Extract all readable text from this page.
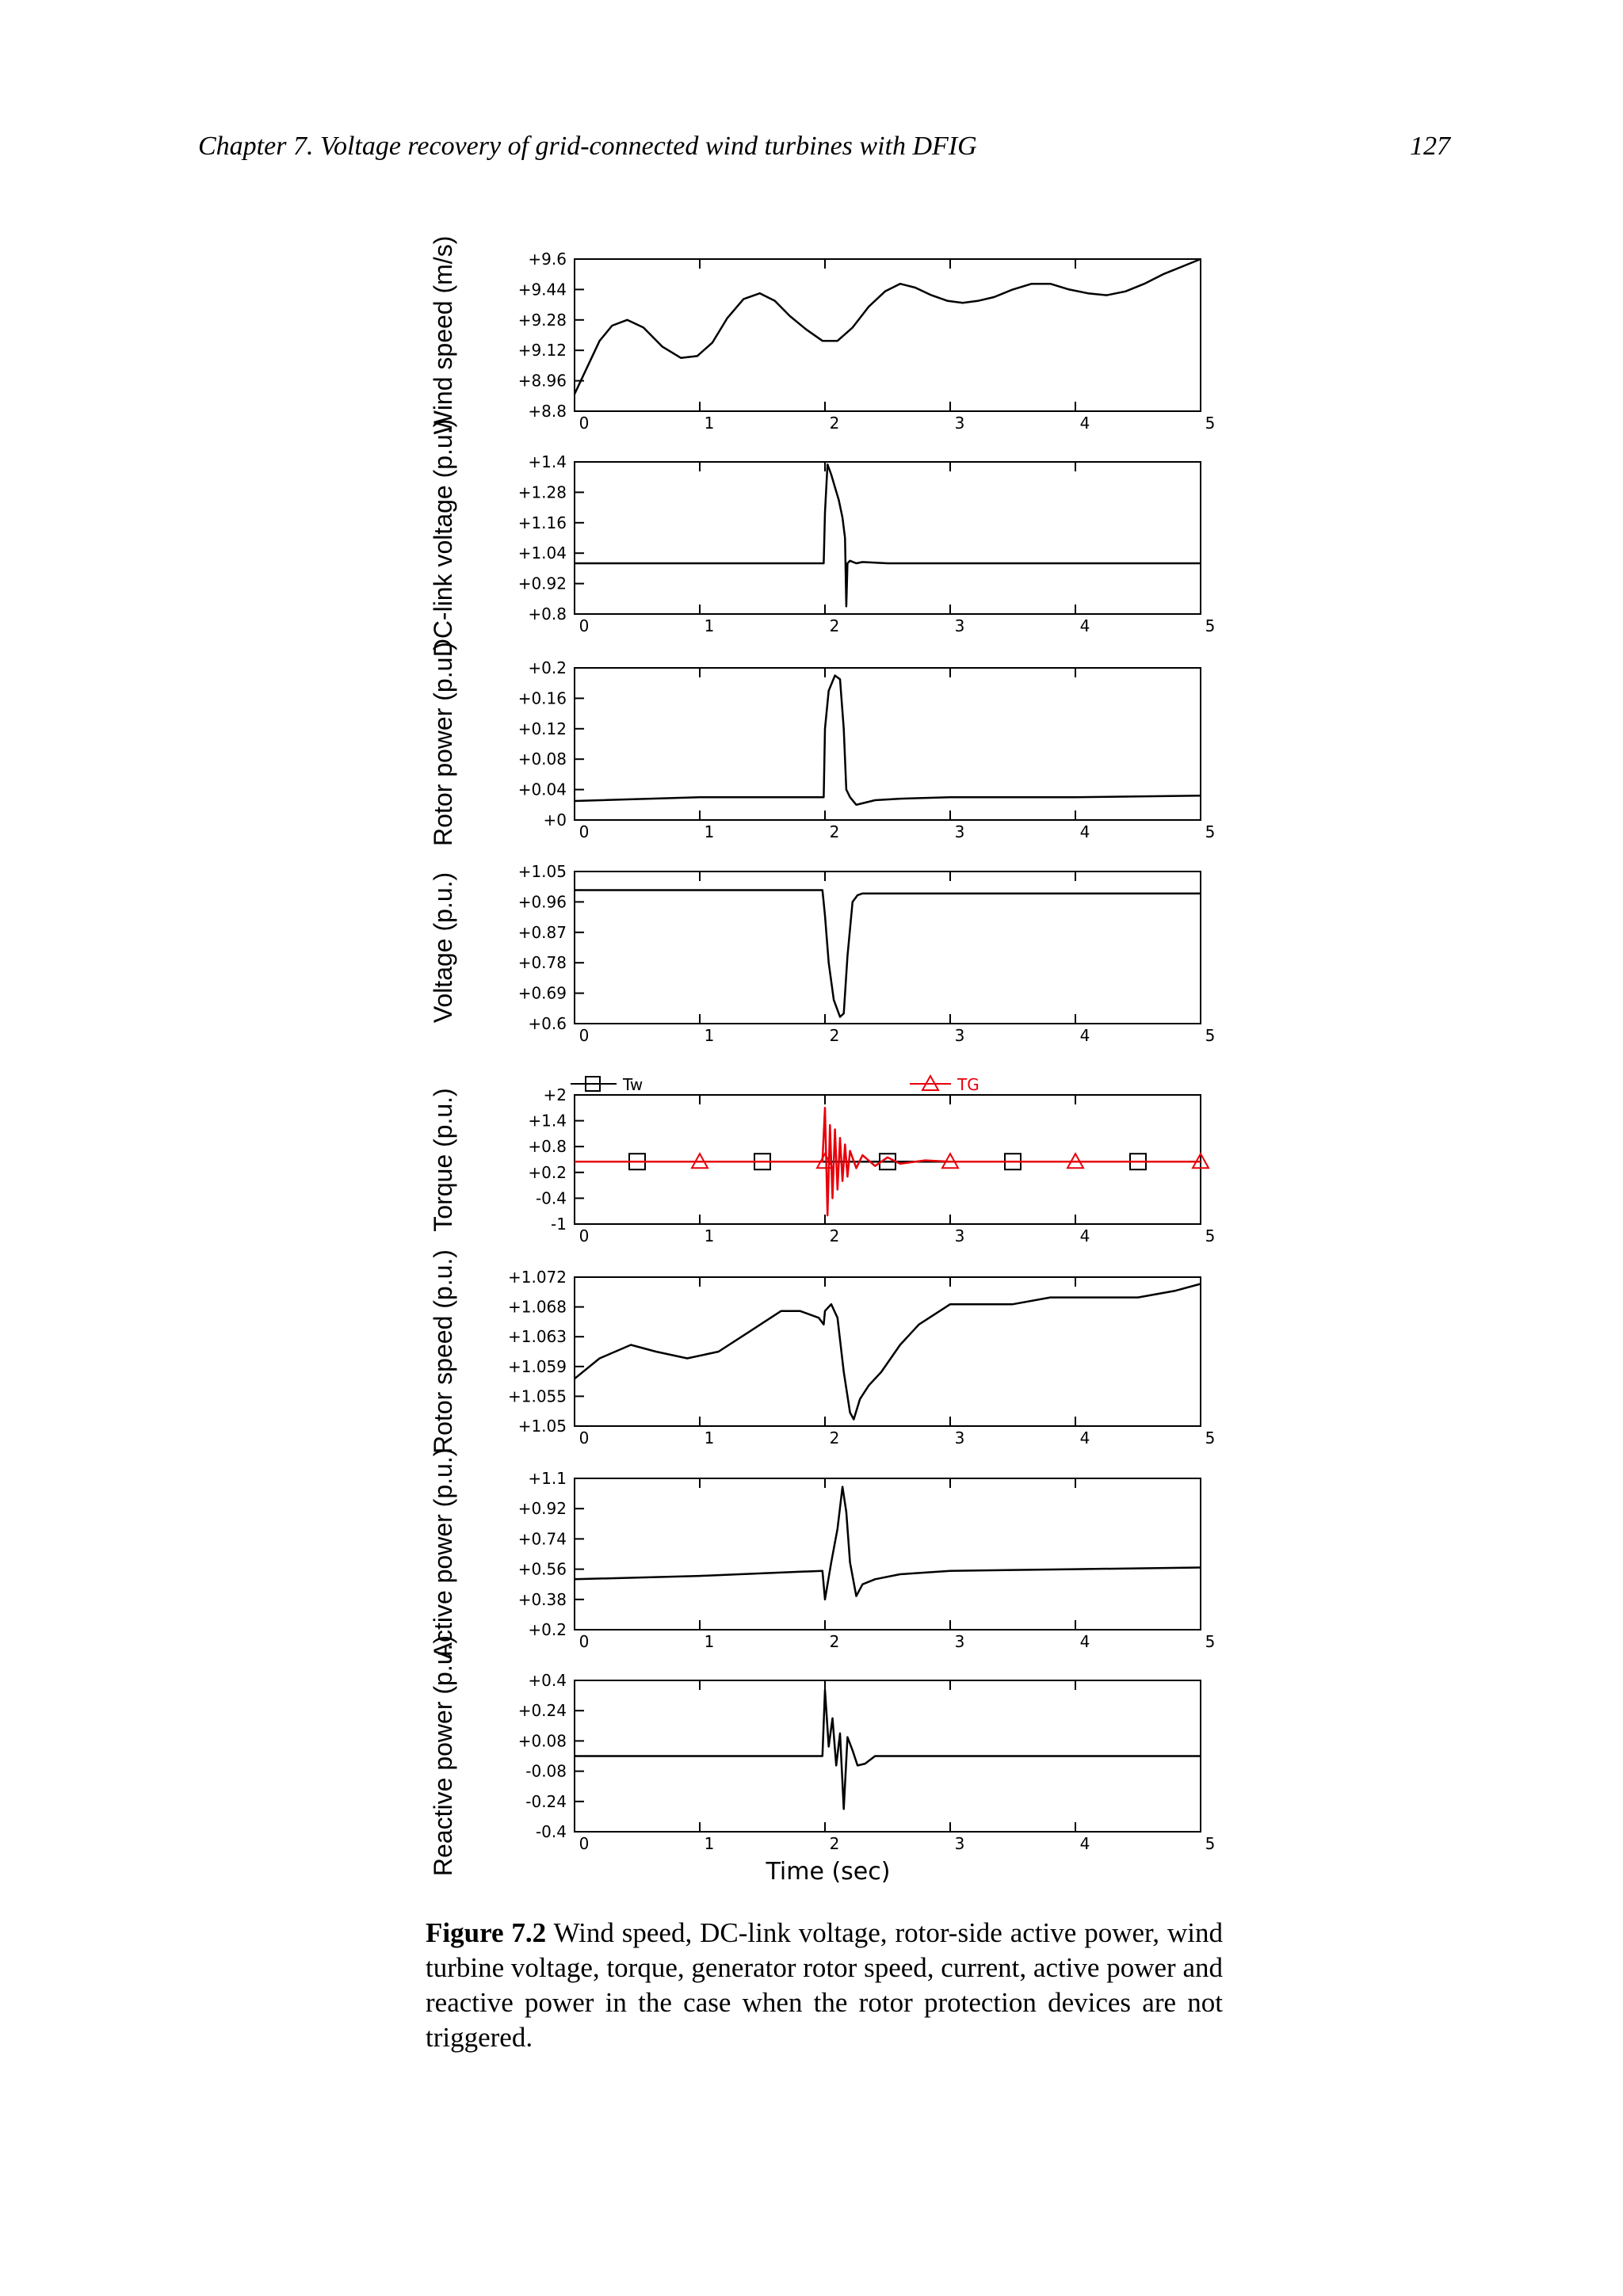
Chapter 7. Voltage recovery of grid-connected wind turbines with DFIG	127
+8.8
+8.96
+9.12
+9.28
+9.44
+9.6
0	1	2	3	4	5
Wind speed (m/s)
+0.8
+0.92
+1.04
+1.16
+1.28
+1.4
0	1	2	3	4	5
DC-link voltage (p.u.)
+0
+0.04
+0.08
+0.12
+0.16
+0.2
0	1	2	3	4	5
Rotor power (p.u.)
+0.6
+0.69
+0.78
+0.87
+0.96
+1.05
0	1	2	3	4	5
Voltage (p.u.)
-1
-0.4
+0.2
+0.8
+1.4
+2
0	1	2	3	4	5
Torque (p.u.)
Tw	TG
+1.05
+1.055
+1.059
+1.063
+1.068
+1.072
0	1	2	3	4	5
Rotor speed (p.u.)
+0.2
+0.38
+0.56
+0.74
+0.92
+1.1
0	1	2	3	4	5
Active power (p.u.)
-0.4
-0.24
-0.08
+0.08
+0.24
+0.4
0	1	2	3	4	5
Reactive power (p.u.)	Time (sec)
Figure 7.2 Wind speed, DC-link voltage, rotor-side active power, wind turbine voltage, torque, generator rotor speed, current, active power and reactive power in the case when the rotor protection devices are not triggered.
